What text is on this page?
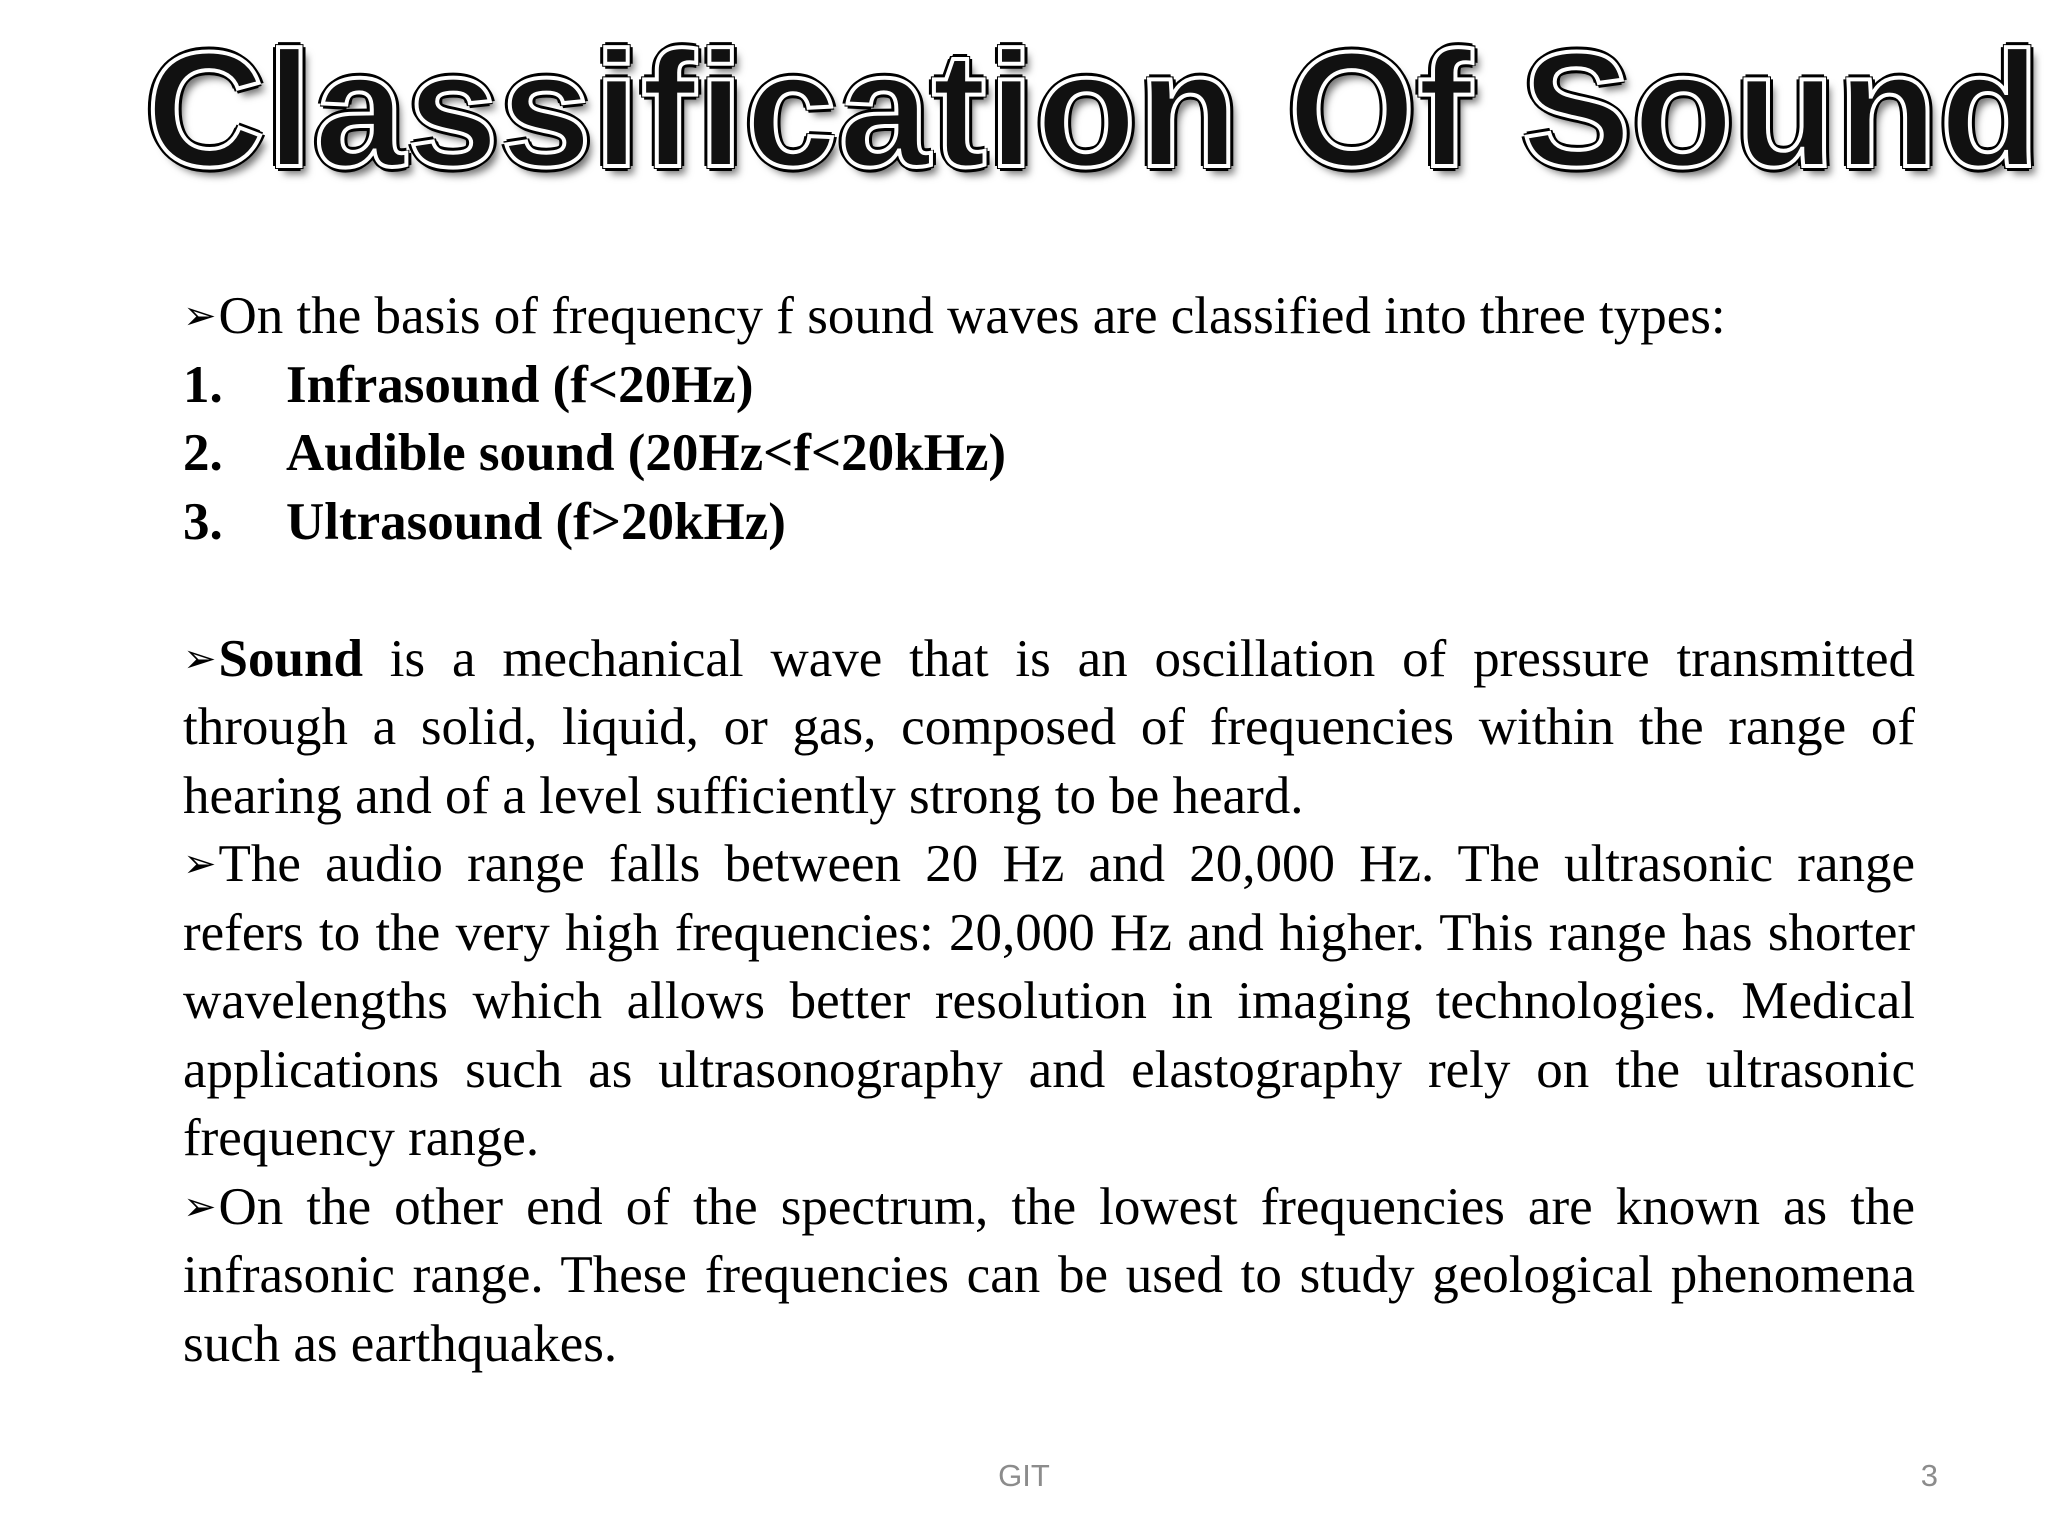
Classification Of Sound

➢On the basis of frequency f sound waves are classified into three types:

1.	Infrasound (f<20Hz)
2.	Audible sound (20Hz<f<20kHz)
3.	Ultrasound (f>20kHz)

➢Sound is a mechanical wave that is an oscillation of pressure transmitted through a solid, liquid, or gas, composed of frequencies within the range of hearing and of a level sufficiently strong to be heard.

➢The audio range falls between 20 Hz and 20,000 Hz. The ultrasonic range refers to the very high frequencies: 20,000 Hz and higher. This range has shorter wavelengths which allows better resolution in imaging technologies. Medical applications such as ultrasonography and elastography rely on the ultrasonic frequency range.

➢On the other end of the spectrum, the lowest frequencies are known as the infrasonic range. These frequencies can be used to study geological phenomena such as earthquakes.

GIT	3
